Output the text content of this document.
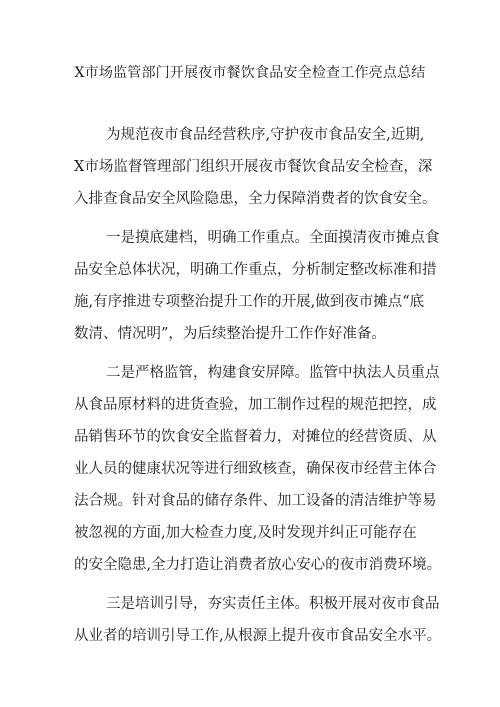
X市场监管部门开展夜市餐饮食品安全检查工作亮点总结
为规范夜市食品经营秩序,守护夜市食品安全,近期,
X市场监督管理部门组织开展夜市餐饮食品安全检查，深
入排查食品安全风险隐患，全力保障消费者的饮食安全。
一是摸底建档，明确工作重点。全面摸清夜市摊点食
品安全总体状况，明确工作重点，分析制定整改标准和措
施,有序推进专项整治提升工作的开展,做到夜市摊点“底
数清、情况明”，为后续整治提升工作作好准备。
二是严格监管，构建食安屏障。监管中执法人员重点
从食品原材料的进货查验，加工制作过程的规范把控，成
品销售环节的饮食安全监督着力，对摊位的经营资质、从
业人员的健康状况等进行细致核查，确保夜市经营主体合
法合规。针对食品的储存条件、加工设备的清洁维护等易
被忽视的方面,加大检查力度,及时发现并纠正可能存在
的安全隐患,全力打造让消费者放心安心的夜市消费环境。
三是培训引导，夯实责任主体。积极开展对夜市食品
从业者的培训引导工作,从根源上提升夜市食品安全水平。
